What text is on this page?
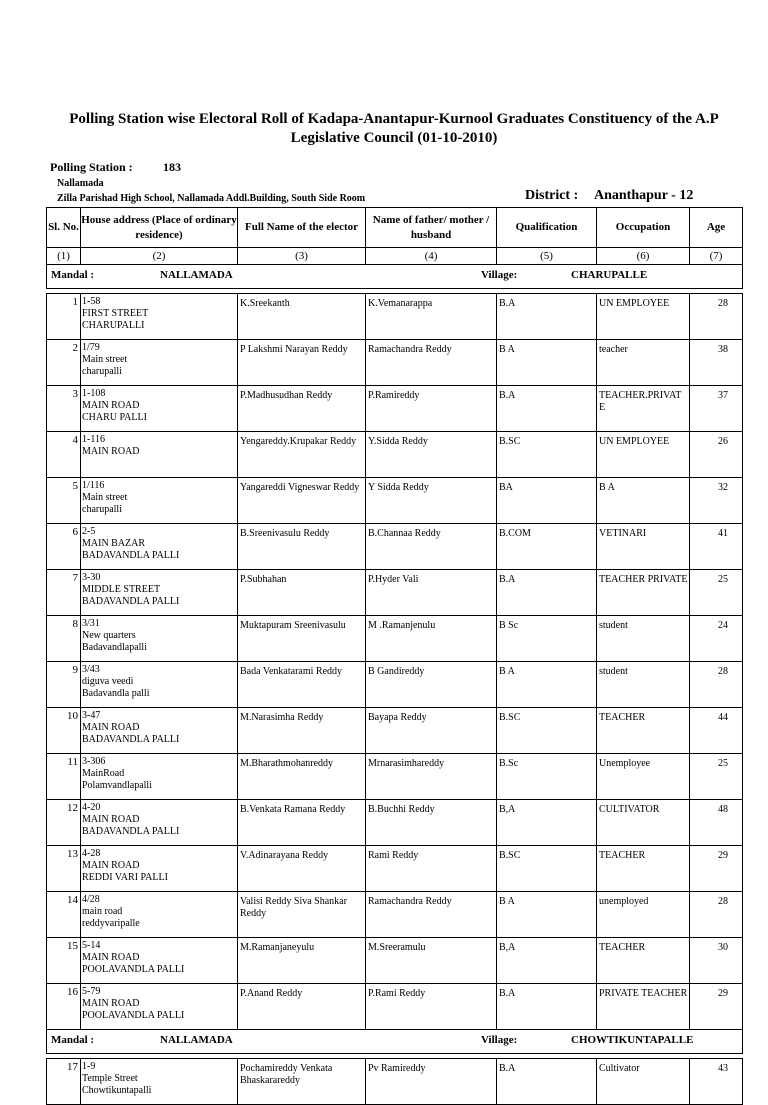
Polling Station wise Electoral Roll of Kadapa-Anantapur-Kurnool Graduates Constituency of the A.P
Legislative Council (01-10-2010)
Polling Station :	183
Nallamada
Zilla Parishad High School, Nallamada Addl.Building, South Side Room	District : Ananthapur - 12
Sl. No.	House address (Place of ordinary residence)	Full Name of the elector	Name of father/ mother / husband	Qualification	Occupation	Age
(1)	(2)	(3)	(4)	(5)	(6)	(7)

Mandal : NALLAMADA Village: CHARUPALLE						

1	1-58
FIRST STREET
CHARUPALLI	K.Sreekanth	K.Vemanarappa	B.A	UN EMPLOYEE	28
2	1/79
Main street
charupalli	P Lakshmi Narayan Reddy	Ramachandra Reddy	B A	teacher	38
3	1-108
MAIN ROAD
CHARU PALLI	P.Madhusudhan Reddy	P.Ramireddy	B.A	TEACHER.PRIVAT E	37
4	1-116
MAIN ROAD	Yengareddy.Krupakar Reddy	Y.Sidda Reddy	B.SC	UN EMPLOYEE	26
5	1/116
Main street
charupalli	Yangareddi Vigneswar Reddy	Y Sidda Reddy	BA	B A	32
6	2-5
MAIN BAZAR
BADAVANDLA PALLI	B.Sreenivasulu Reddy	B.Channaa Reddy	B.COM	VETINARI	41
7	3-30
MIDDLE STREET
BADAVANDLA PALLI	P.Subhahan	P.Hyder Vali	B.A	TEACHER PRIVATE	25
8	3/31
New quarters
Badavandlapalli	Muktapuram Sreenivasulu	M .Ramanjenulu	B Sc	student	24
9	3/43
diguva veedi
Badavandla palli	Bada Venkatarami Reddy	B Gandireddy	B A	student	28
10	3-47
MAIN ROAD
BADAVANDLA PALLI	M.Narasimha Reddy	Bayapa Reddy	B.SC	TEACHER	44
11	3-306
MainRoad
Polamvandlapalli	M.Bharathmohanreddy	Mrnarasimhareddy	B.Sc	Unemployee	25
12	4-20
MAIN ROAD
BADAVANDLA PALLI	B.Venkata Ramana Reddy	B.Buchhi Reddy	B,A	CULTIVATOR	48
13	4-28
MAIN ROAD
REDDI VARI PALLI	V.Adinarayana Reddy	Rami Reddy	B.SC	TEACHER	29
14	4/28
main road
reddyvaripalle	Valisi Reddy Siva Shankar Reddy	Ramachandra Reddy	B A	unemployed	28
15	5-14
MAIN ROAD
POOLAVANDLA PALLI	M.Ramanjaneyulu	M.Sreeramulu	B,A	TEACHER	30
16	5-79
MAIN ROAD
POOLAVANDLA PALLI	P.Anand Reddy	P.Rami Reddy	B.A	PRIVATE TEACHER	29

Mandal : NALLAMADA Village: CHOWTIKUNTAPALLE						

17	1-9
Temple Street
Chowtikuntapalli	Pochamireddy Venkata Bhaskarareddy	Pv Ramireddy	B.A	Cultivator	43
